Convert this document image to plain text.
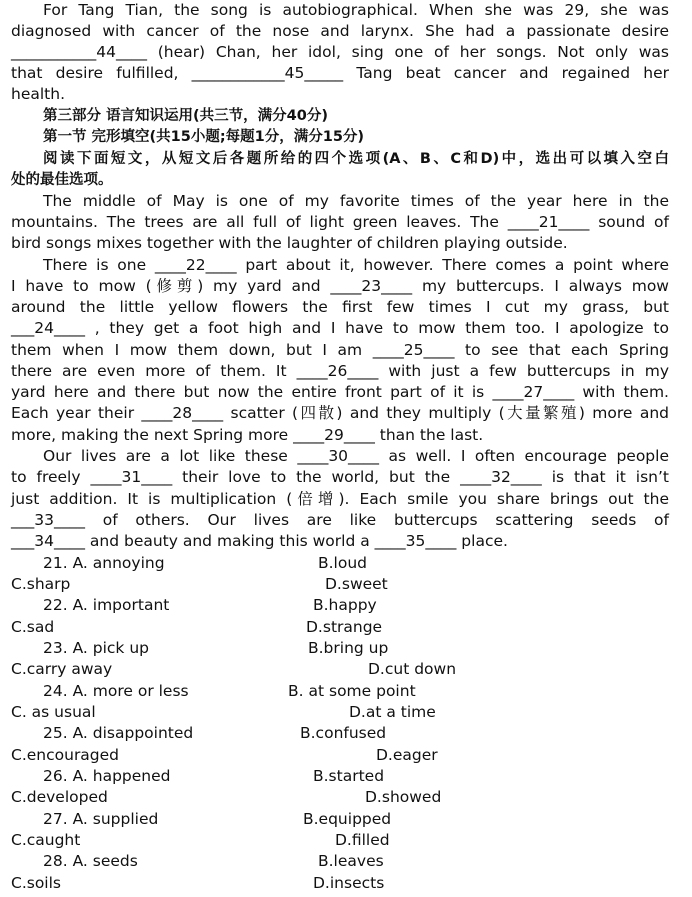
For Tang Tian, the song is autobiographical. When she was 29, she was
diagnosed with cancer of the nose and larynx. She had a passionate desire
___________44____ (hear) Chan, her idol, sing one of her songs. Not only was
that desire fulfilled, ____________45_____ Tang beat cancer and regained her
health.
第三部分 语言知识运用(共三节，满分40分)
第一节 完形填空(共15小题;每题1分，满分15分)
阅读下面短文，从短文后各题所给的四个选项(A、B、C和D)中，选出可以填入空白
处的最佳选项。
The middle of May is one of my favorite times of the year here in the
mountains. The trees are all full of light green leaves. The ____21____ sound of
bird songs mixes together with the laughter of children playing outside.
There is one ____22____ part about it, however. There comes a point where
I have to mow (修剪) my yard and ____23____ my buttercups. I always mow
around the little yellow flowers the first few times I cut my grass, but
___24____ , they get a foot high and I have to mow them too. I apologize to
them when I mow them down, but I am ____25____ to see that each Spring
there are even more of them. It ____26____ with just a few buttercups in my
yard here and there but now the entire front part of it is ____27____ with them.
Each year their ____28____ scatter (四散) and they multiply (大量繁殖) more and
more, making the next Spring more ____29____ than the last.
Our lives are a lot like these ____30____ as well. I often encourage people
to freely ____31____ their love to the world, but the ____32____ is that it isn’t
just addition. It is multiplication (倍增). Each smile you share brings out the
___33____ of others. Our lives are like buttercups scattering seeds of
___34____ and beauty and making this world a ____35____ place.
21. A. annoying	B.loud
C.sharp	D.sweet
22. A. important	B.happy
C.sad	D.strange
23. A. pick up	B.bring up
C.carry away	D.cut down
24. A. more or less	B. at some point
C. as usual	D.at a time
25. A. disappointed	B.confused
C.encouraged	D.eager
26. A. happened	B.started
C.developed	D.showed
27. A. supplied	B.equipped
C.caught	D.filled
28. A. seeds	B.leaves
C.soils	D.insects
